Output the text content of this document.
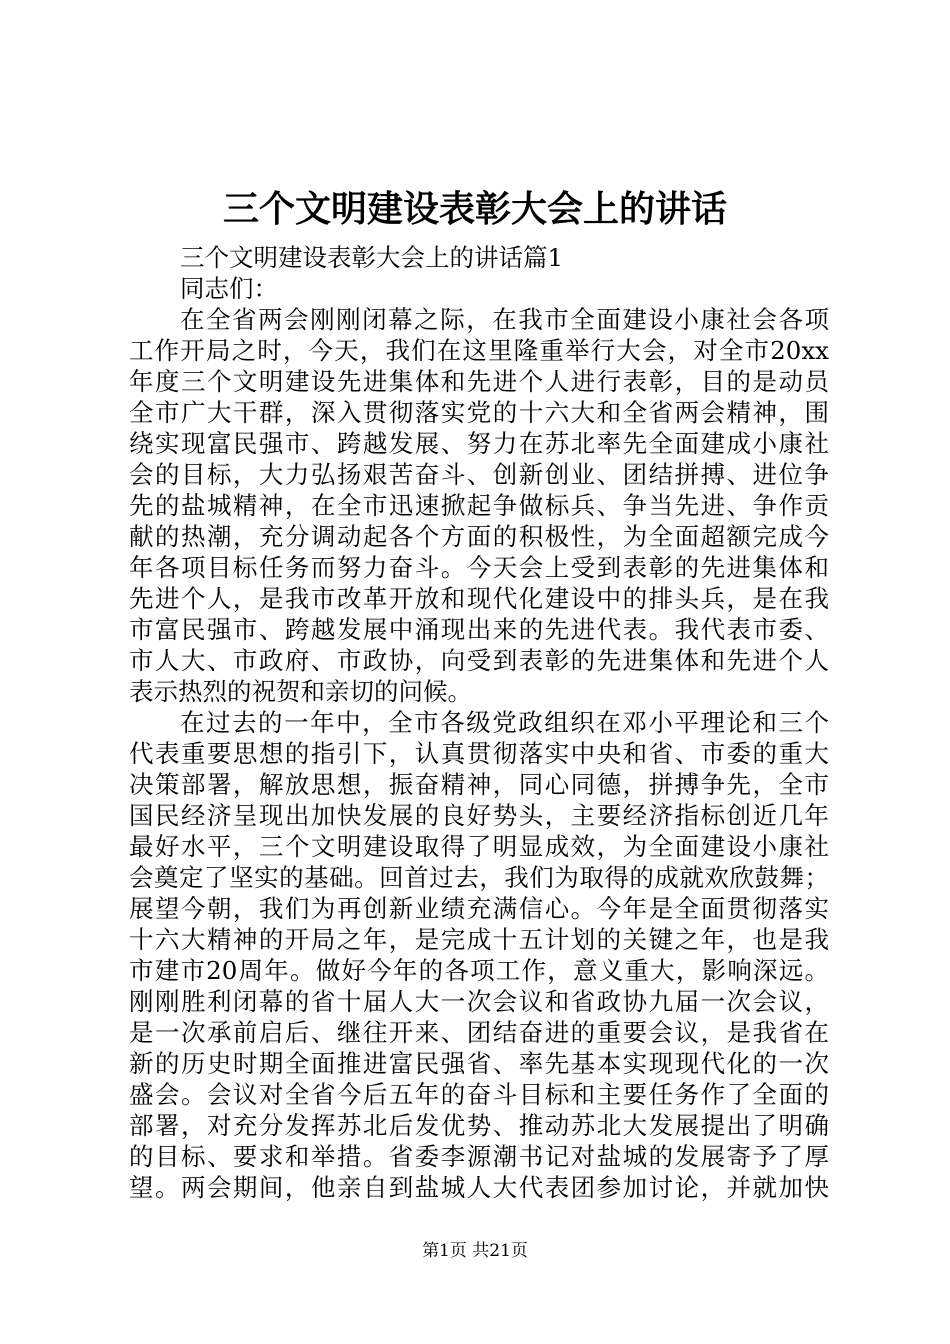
三个文明建设表彰大会上的讲话
三个文明建设表彰大会上的讲话篇1
同志们：
在全省两会刚刚闭幕之际，在我市全面建设小康社会各项
工作开局之时，今天，我们在这里隆重举行大会，对全市20xx
年度三个文明建设先进集体和先进个人进行表彰，目的是动员
全市广大干群，深入贯彻落实党的十六大和全省两会精神，围
绕实现富民强市、跨越发展、努力在苏北率先全面建成小康社
会的目标，大力弘扬艰苦奋斗、创新创业、团结拼搏、进位争
先的盐城精神，在全市迅速掀起争做标兵、争当先进、争作贡
献的热潮，充分调动起各个方面的积极性，为全面超额完成今
年各项目标任务而努力奋斗。今天会上受到表彰的先进集体和
先进个人，是我市改革开放和现代化建设中的排头兵，是在我
市富民强市、跨越发展中涌现出来的先进代表。我代表市委、
市人大、市政府、市政协，向受到表彰的先进集体和先进个人
表示热烈的祝贺和亲切的问候。
在过去的一年中，全市各级党政组织在邓小平理论和三个
代表重要思想的指引下，认真贯彻落实中央和省、市委的重大
决策部署，解放思想，振奋精神，同心同德，拼搏争先，全市
国民经济呈现出加快发展的良好势头，主要经济指标创近几年
最好水平，三个文明建设取得了明显成效，为全面建设小康社
会奠定了坚实的基础。回首过去，我们为取得的成就欢欣鼓舞；
展望今朝，我们为再创新业绩充满信心。今年是全面贯彻落实
十六大精神的开局之年，是完成十五计划的关键之年，也是我
市建市20周年。做好今年的各项工作，意义重大，影响深远。
刚刚胜利闭幕的省十届人大一次会议和省政协九届一次会议，
是一次承前启后、继往开来、团结奋进的重要会议，是我省在
新的历史时期全面推进富民强省、率先基本实现现代化的一次
盛会。会议对全省今后五年的奋斗目标和主要任务作了全面的
部署，对充分发挥苏北后发优势、推动苏北大发展提出了明确
的目标、要求和举措。省委李源潮书记对盐城的发展寄予了厚
望。两会期间，他亲自到盐城人大代表团参加讨论，并就加快
第1页 共21页
